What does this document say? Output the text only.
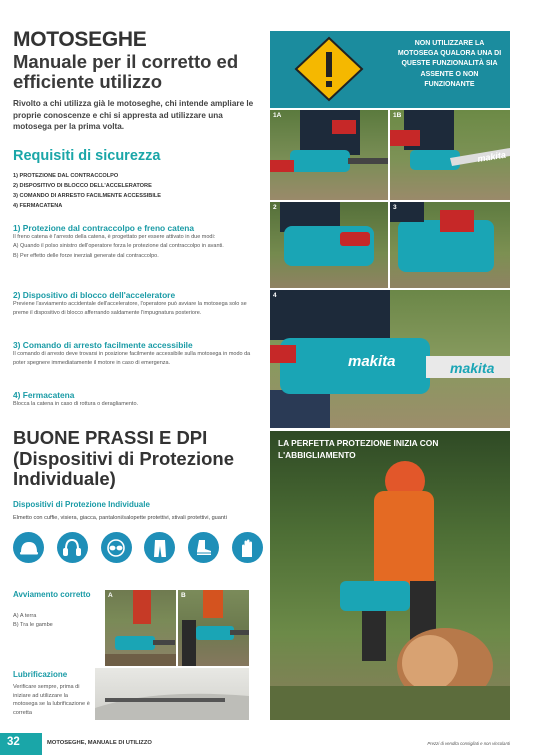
MOTOSEGHE
Manuale per il corretto ed efficiente utilizzo
Rivolto a chi utilizza già le motoseghe, chi intende ampliare le proprie conoscenze e chi si appresta ad utilizzare una motosega per la prima volta.
Requisiti di sicurezza
1) PROTEZIONE DAL CONTRACCOLPO
2) DISPOSITIVO DI BLOCCO DELL'ACCELERATORE
3) COMANDO DI ARRESTO FACILMENTE ACCESSIBILE
4) FERMACATENA
1) Protezione dal contraccolpo e freno catena
Il freno catena è l'arresto della catena, è progettato per essere attivato in due modi:
A) Quando il polso sinistro dell'operatore forza le protezione dal contraccolpo in avanti.
B) Per effetto delle forze inerziali generate dal contraccolpo.
2) Dispositivo di blocco dell'acceleratore
Previene l'avviamento accidentale dell'acceleratore, l'operatore può avviare la motosega solo se preme il dispositivo di blocco afferrando saldamente l'impugnatura posteriore.
3) Comando di arresto facilmente accessibile
Il comando di arresto deve trovarsi in posizione facilmente accessibile sulla motosega in modo da poter spegnere immediatamente il motore in caso di emergenza.
4) Fermacatena
Blocca la catena in caso di rottura o deragliamento.
BUONE PRASSI E DPI (Dispositivi di Protezione Individuale)
Dispositivi di Protezione Individuale
Elmetto con cuffie, visiera, giacca, pantaloni/salopette protettivi, stivali protettivi, guanti
Avviamento corretto
A) A terra
B) Tra le gambe
A	B
Lubrificazione
Verificare sempre, prima di iniziare ad utilizzare la motosega se la lubrificazione è corretta
NON UTILIZZARE LA MOTOSEGA QUALORA UNA DI QUESTE FUNZIONALITÀ SIA ASSENTE O NON FUNZIONANTE
1A
makita
1B
2	3
makita	makita
4
LA PERFETTA PROTEZIONE INIZIA CON L'ABBIGLIAMENTO
32	MOTOSEGHE, MANUALE DI UTILIZZO	Prezzi di vendita consigliati e non vincolanti
